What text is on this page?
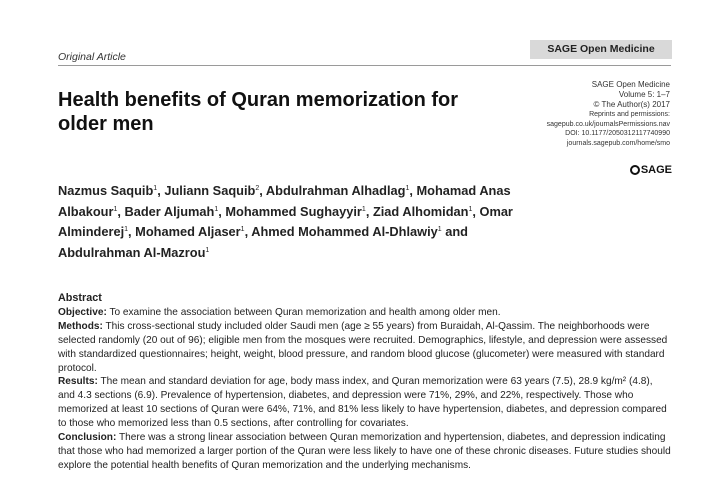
Original Article
SAGE Open Medicine
Health benefits of Quran memorization for older men
SAGE Open Medicine
Volume 5: 1–7
© The Author(s) 2017
Reprints and permissions:
sagepub.co.uk/journalsPermissions.nav
DOI: 10.1177/2050312117740990
journals.sagepub.com/home/smo
SAGE
Nazmus Saquib$^1$, Juliann Saquib$^2$, Abdulrahman Alhadlag$^1$, Mohamad Anas Albakour$^1$, Bader Aljumah$^1$, Mohammed Sughayyir$^1$, Ziad Alhomidan$^1$, Omar Alminderej$^1$, Mohamed Aljaser$^1$, Ahmed Mohammed Al-Dhlawiy$^1$ and Abdulrahman Al-Mazrou$^1$

Abstract

Objective: To examine the association between Quran memorization and health among older men.

Methods: This cross-sectional study included older Saudi men (age ≥ 55 years) from Buraidah, Al-Qassim. The neighborhoods were selected randomly (20 out of 96); eligible men from the mosques were recruited. Demographics, lifestyle, and depression were assessed with standardized questionnaires; height, weight, blood pressure, and random blood glucose (glucometer) were measured with standard protocol.

Results: The mean and standard deviation for age, body mass index, and Quran memorization were 63 years (7.5), 28.9 kg/m² (4.8), and 4.3 sections (6.9). Prevalence of hypertension, diabetes, and depression were 71%, 29%, and 22%, respectively. Those who memorized at least 10 sections of Quran were 64%, 71%, and 81% less likely to have hypertension, diabetes, and depression compared to those who memorized less than 0.5 sections, after controlling for covariates.

Conclusion: There was a strong linear association between Quran memorization and hypertension, diabetes, and depression indicating that those who had memorized a larger portion of the Quran were less likely to have one of these chronic diseases. Future studies should explore the potential health benefits of Quran memorization and the underlying mechanisms.
